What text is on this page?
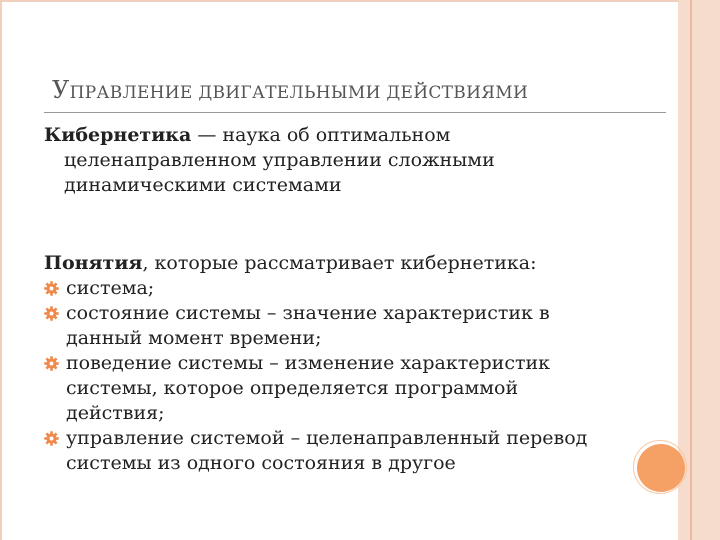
УПРАВЛЕНИЕ ДВИГАТЕЛЬНЫМИ ДЕЙСТВИЯМИ

Кибернетика — наука об оптимальном
целенаправленном управлении сложными
динамическими системами

Понятия, которые рассматривает кибернетика:

система;
состояние системы – значение характеристик в
данный момент времени;
поведение системы – изменение характеристик
системы, которое определяется программой
действия;
управление системой – целенаправленный перевод
системы из одного состояния в другое
